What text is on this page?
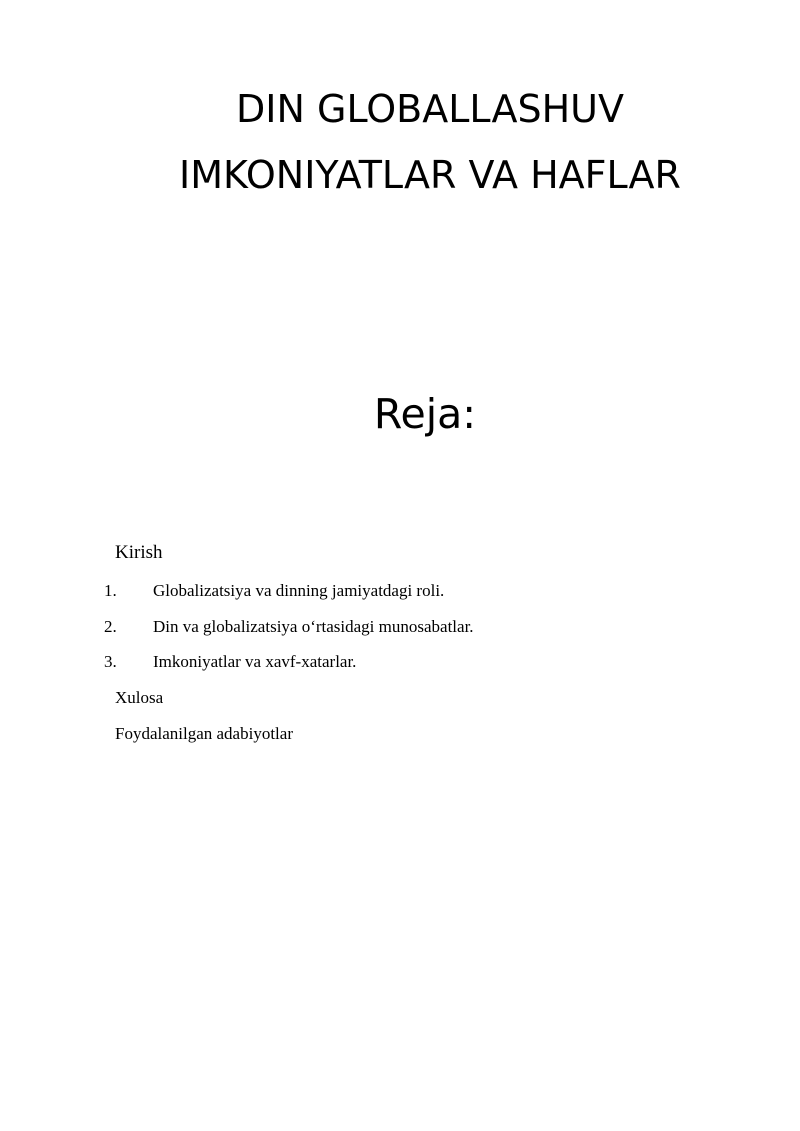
DIN GLOBALLASHUV
IMKONIYATLAR VA HAFLAR
Reja:
Kirish
1. Globalizatsiya va dinning jamiyatdagi roli.
2. Din va globalizatsiya o‘rtasidagi munosabatlar.
3. Imkoniyatlar va xavf-xatarlar.
Xulosa
Foydalanilgan adabiyotlar
